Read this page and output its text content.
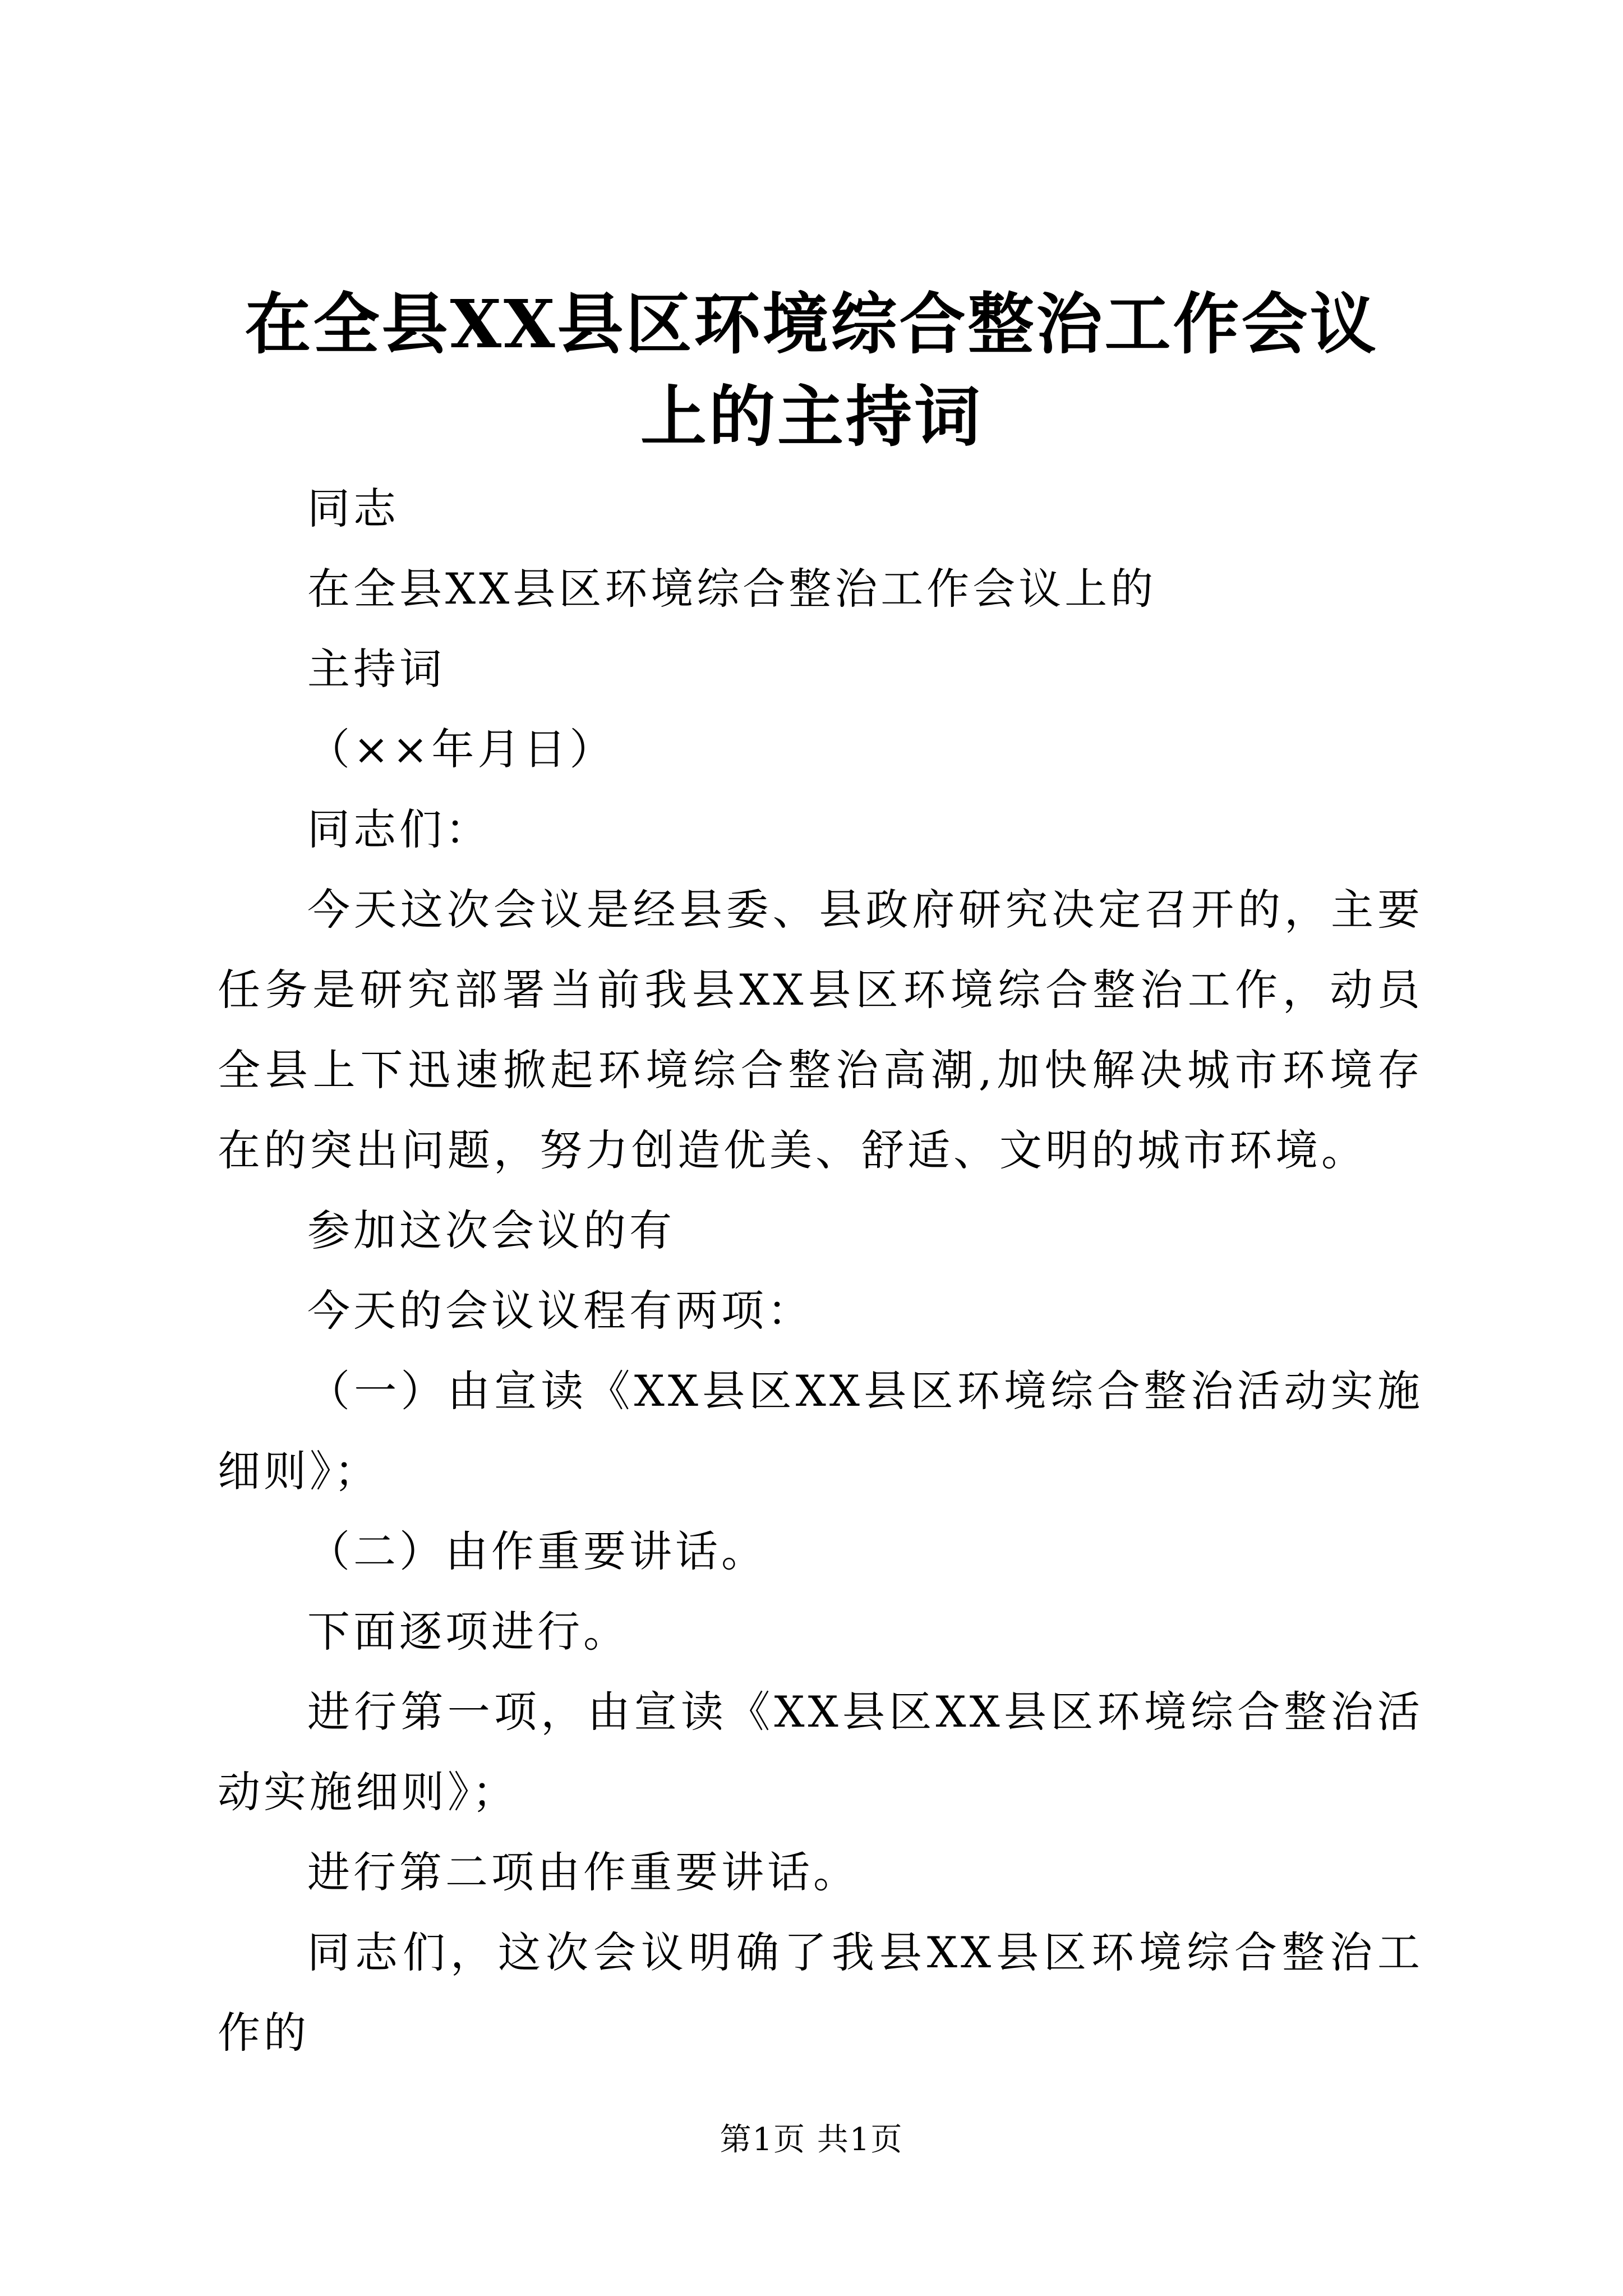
在全县XX县区环境综合整治工作会议上的主持词

同志

在全县XX县区环境综合整治工作会议上的

主持词

（××年月日）

同志们：

今天这次会议是经县委、县政府研究决定召开的，主要任务是研究部署当前我县XX县区环境综合整治工作，动员全县上下迅速掀起环境综合整治高潮,加快解决城市环境存在的突出问题，努力创造优美、舒适、文明的城市环境。

参加这次会议的有

今天的会议议程有两项：

（一）由宣读《XX县区XX县区环境综合整治活动实施细则》；

（二）由作重要讲话。

下面逐项进行。

进行第一项，由宣读《XX县区XX县区环境综合整治活动实施细则》；

进行第二项由作重要讲话。

同志们，这次会议明确了我县XX县区环境综合整治工作的

第1页 共1页
